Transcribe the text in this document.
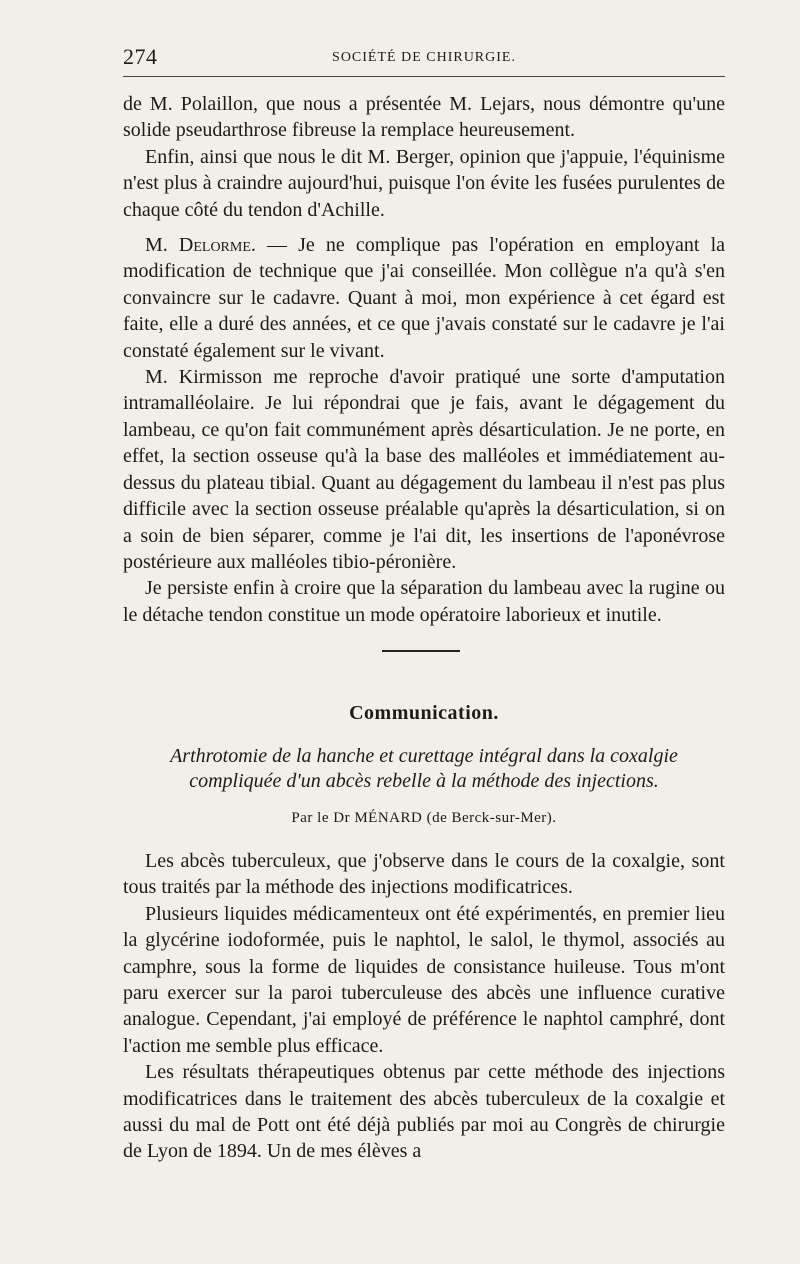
274	SOCIÉTÉ DE CHIRURGIE.

de M. Polaillon, que nous a présentée M. Lejars, nous démontre qu'une solide pseudarthrose fibreuse la remplace heureusement.

Enfin, ainsi que nous le dit M. Berger, opinion que j'appuie, l'équinisme n'est plus à craindre aujourd'hui, puisque l'on évite les fusées purulentes de chaque côté du tendon d'Achille.

M. Delorme. — Je ne complique pas l'opération en employant la modification de technique que j'ai conseillée. Mon collègue n'a qu'à s'en convaincre sur le cadavre. Quant à moi, mon expérience à cet égard est faite, elle a duré des années, et ce que j'avais constaté sur le cadavre je l'ai constaté également sur le vivant.

M. Kirmisson me reproche d'avoir pratiqué une sorte d'amputation intramalléolaire. Je lui répondrai que je fais, avant le dégagement du lambeau, ce qu'on fait communément après désarticulation. Je ne porte, en effet, la section osseuse qu'à la base des malléoles et immédiatement au-dessus du plateau tibial. Quant au dégagement du lambeau il n'est pas plus difficile avec la section osseuse préalable qu'après la désarticulation, si on a soin de bien séparer, comme je l'ai dit, les insertions de l'aponévrose postérieure aux malléoles tibio-péronière.

Je persiste enfin à croire que la séparation du lambeau avec la rugine ou le détache tendon constitue un mode opératoire laborieux et inutile.

Communication.
Arthrotomie de la hanche et curettage intégral dans la coxalgie compliquée d'un abcès rebelle à la méthode des injections.
Par le Dr MÉNARD (de Berck-sur-Mer).

Les abcès tuberculeux, que j'observe dans le cours de la coxalgie, sont tous traités par la méthode des injections modificatrices.

Plusieurs liquides médicamenteux ont été expérimentés, en premier lieu la glycérine iodoformée, puis le naphtol, le salol, le thymol, associés au camphre, sous la forme de liquides de consistance huileuse. Tous m'ont paru exercer sur la paroi tuberculeuse des abcès une influence curative analogue. Cependant, j'ai employé de préférence le naphtol camphré, dont l'action me semble plus efficace.

Les résultats thérapeutiques obtenus par cette méthode des injections modificatrices dans le traitement des abcès tuberculeux de la coxalgie et aussi du mal de Pott ont été déjà publiés par moi au Congrès de chirurgie de Lyon de 1894. Un de mes élèves a
